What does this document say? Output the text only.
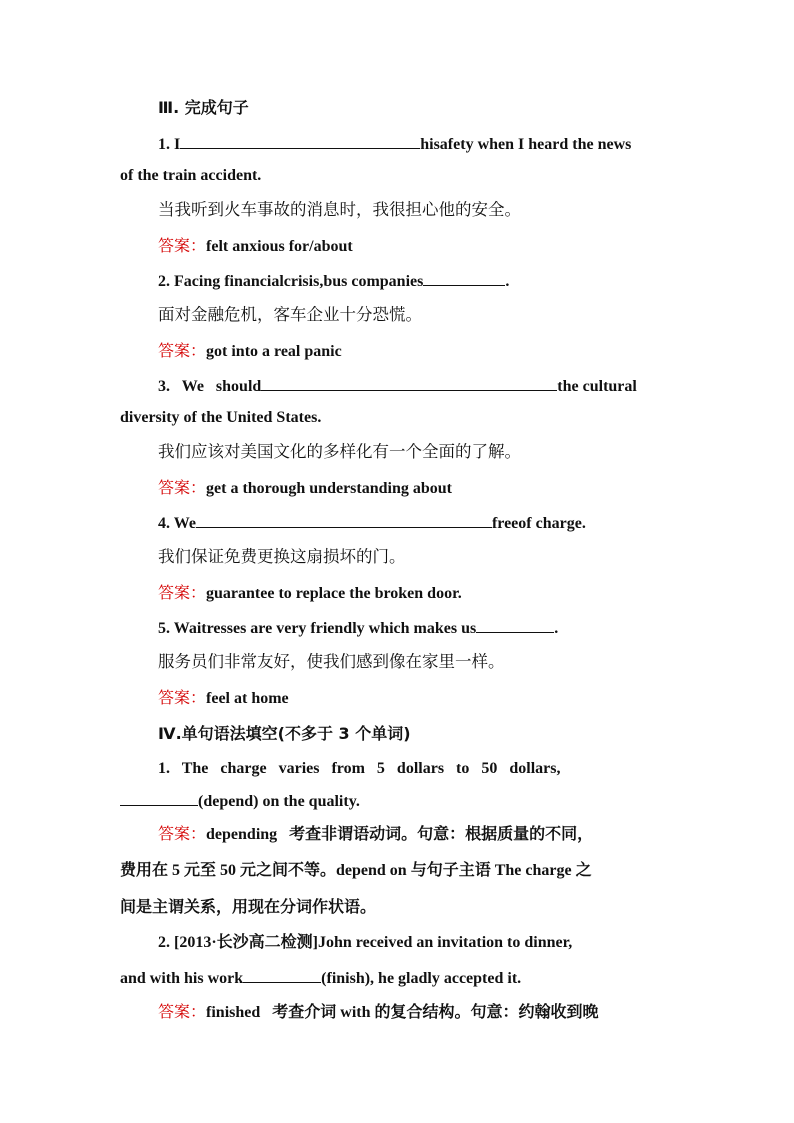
Ⅲ. 完成句子

1. I	hisafety when I heard the news

of the train accident.

当我听到火车事故的消息时，我很担心他的安全。

答案：felt anxious for/about

2. Facing financialcrisis,bus companies	.

面对金融危机，客车企业十分恐慌。

答案：got into a real panic

3.   We   should	the cultural

diversity of the United States.

我们应该对美国文化的多样化有一个全面的了解。

答案：get a thorough understanding about

4. We	freeof charge.

我们保证免费更换这扇损坏的门。

答案：guarantee to replace the broken door.

5. Waitresses are very friendly which makes us	.

服务员们非常友好，使我们感到像在家里一样。

答案：feel at home

Ⅳ.单句语法填空(不多于 3 个单词)

1.   The   charge   varies   from   5   dollars   to   50   dollars,

(depend) on the quality.

答案：depending   考查非谓语动词。句意：根据质量的不同，

费用在 5 元至 50 元之间不等。depend on 与句子主语 The charge 之

间是主谓关系，用现在分词作状语。

2. [2013·长沙高二检测]John received an invitation to dinner,

and with his work	(finish), he gladly accepted it.

答案：finished   考查介词 with 的复合结构。句意：约翰收到晚
